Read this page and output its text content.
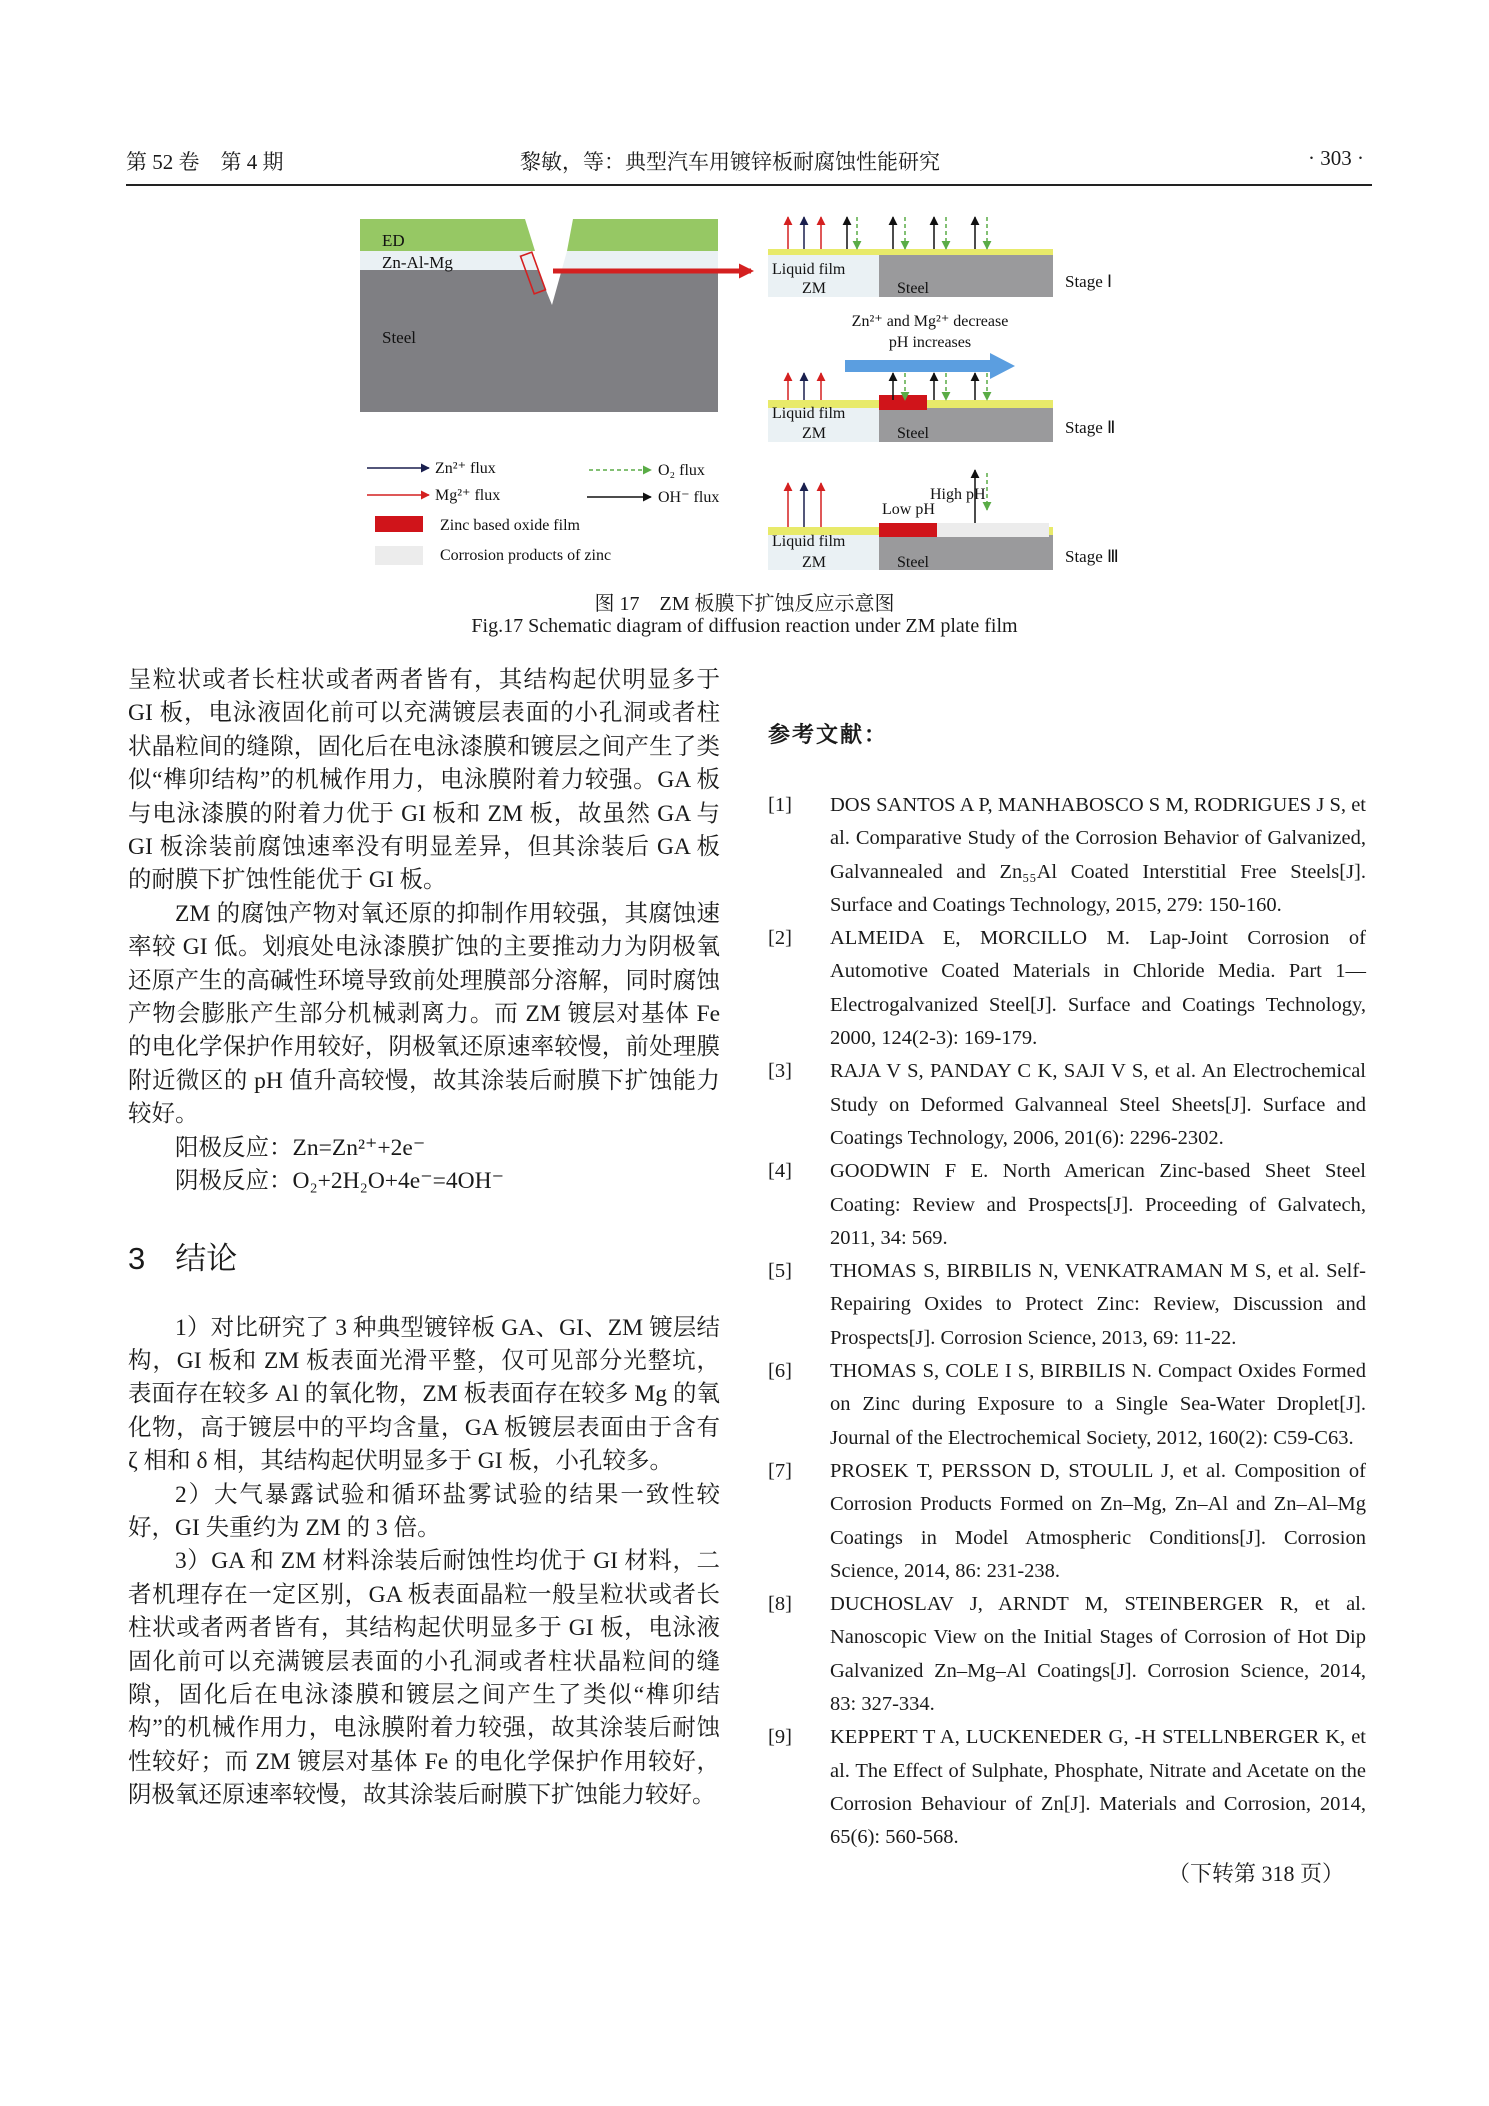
第 52 卷　第 4 期	黎敏，等：典型汽车用镀锌板耐腐蚀性能研究	· 303 ·
ED
Zn-Al-Mg
Steel
Liquid film
ZM	Steel	Stage Ⅰ
Zn²⁺ and Mg²⁺ decrease
pH increases
Liquid film
ZM	Steel	Stage Ⅱ
Liquid film
ZM	Steel
Low pH
High pH
Stage Ⅲ
Zn²⁺ flux
Mg²⁺ flux
Zinc based oxide film
Corrosion products of zinc
O₂ flux
OH⁻ flux
图 17　ZM 板膜下扩蚀反应示意图
Fig.17 Schematic diagram of diffusion reaction under ZM plate film

呈粒状或者长柱状或者两者皆有，其结构起伏明显多于 GI 板，电泳液固化前可以充满镀层表面的小孔洞或者柱状晶粒间的缝隙，固化后在电泳漆膜和镀层之间产生了类似“榫卯结构”的机械作用力，电泳膜附着力较强。GA 板与电泳漆膜的附着力优于 GI 板和 ZM 板，故虽然 GA 与 GI 板涂装前腐蚀速率没有明显差异，但其涂装后 GA 板的耐膜下扩蚀性能优于 GI 板。

ZM 的腐蚀产物对氧还原的抑制作用较强，其腐蚀速率较 GI 低。划痕处电泳漆膜扩蚀的主要推动力为阴极氧还原产生的高碱性环境导致前处理膜部分溶解，同时腐蚀产物会膨胀产生部分机械剥离力。而 ZM 镀层对基体 Fe 的电化学保护作用较好，阴极氧还原速率较慢，前处理膜附近微区的 pH 值升高较慢，故其涂装后耐膜下扩蚀能力较好。

阳极反应：Zn=Zn²⁺+2e⁻

阴极反应：O₂+2H₂O+4e⁻=4OH⁻

3 结论

1）对比研究了 3 种典型镀锌板 GA、GI、ZM 镀层结构，GI 板和 ZM 板表面光滑平整，仅可见部分光整坑，表面存在较多 Al 的氧化物，ZM 板表面存在较多 Mg 的氧化物，高于镀层中的平均含量，GA 板镀层表面由于含有 ζ 相和 δ 相，其结构起伏明显多于 GI 板，小孔较多。

2）大气暴露试验和循环盐雾试验的结果一致性较好，GI 失重约为 ZM 的 3 倍。

3）GA 和 ZM 材料涂装后耐蚀性均优于 GI 材料，二者机理存在一定区别，GA 板表面晶粒一般呈粒状或者长柱状或者两者皆有，其结构起伏明显多于 GI 板，电泳液固化前可以充满镀层表面的小孔洞或者柱状晶粒间的缝隙，固化后在电泳漆膜和镀层之间产生了类似“榫卯结构”的机械作用力，电泳膜附着力较强，故其涂装后耐蚀性较好；而 ZM 镀层对基体 Fe 的电化学保护作用较好，阴极氧还原速率较慢，故其涂装后耐膜下扩蚀能力较好。

参考文献：
[1] DOS SANTOS A P, MANHABOSCO S M, RODRIGUES J S, et al. Comparative Study of the Corrosion Behavior of Galvanized, Galvannealed and Zn₅₅Al Coated Interstitial Free Steels[J]. Surface and Coatings Technology, 2015, 279: 150-160.
[2] ALMEIDA E, MORCILLO M. Lap-Joint Corrosion of Automotive Coated Materials in Chloride Media. Part 1—Electrogalvanized Steel[J]. Surface and Coatings Technology, 2000, 124(2-3): 169-179.
[3] RAJA V S, PANDAY C K, SAJI V S, et al. An Electrochemical Study on Deformed Galvanneal Steel Sheets[J]. Surface and Coatings Technology, 2006, 201(6): 2296-2302.
[4] GOODWIN F E. North American Zinc-based Sheet Steel Coating: Review and Prospects[J]. Proceeding of Galvatech, 2011, 34: 569.
[5] THOMAS S, BIRBILIS N, VENKATRAMAN M S, et al. Self-Repairing Oxides to Protect Zinc: Review, Discussion and Prospects[J]. Corrosion Science, 2013, 69: 11-22.
[6] THOMAS S, COLE I S, BIRBILIS N. Compact Oxides Formed on Zinc during Exposure to a Single Sea-Water Droplet[J]. Journal of the Electrochemical Society, 2012, 160(2): C59-C63.
[7] PROSEK T, PERSSON D, STOULIL J, et al. Composition of Corrosion Products Formed on Zn–Mg, Zn–Al and Zn–Al–Mg Coatings in Model Atmospheric Conditions[J]. Corrosion Science, 2014, 86: 231-238.
[8] DUCHOSLAV J, ARNDT M, STEINBERGER R, et al. Nanoscopic View on the Initial Stages of Corrosion of Hot Dip Galvanized Zn–Mg–Al Coatings[J]. Corrosion Science, 2014, 83: 327-334.
[9] KEPPERT T A, LUCKENEDER G, -H STELLNBERGER K, et al. The Effect of Sulphate, Phosphate, Nitrate and Acetate on the Corrosion Behaviour of Zn[J]. Materials and Corrosion, 2014, 65(6): 560-568.
（下转第 318 页）
